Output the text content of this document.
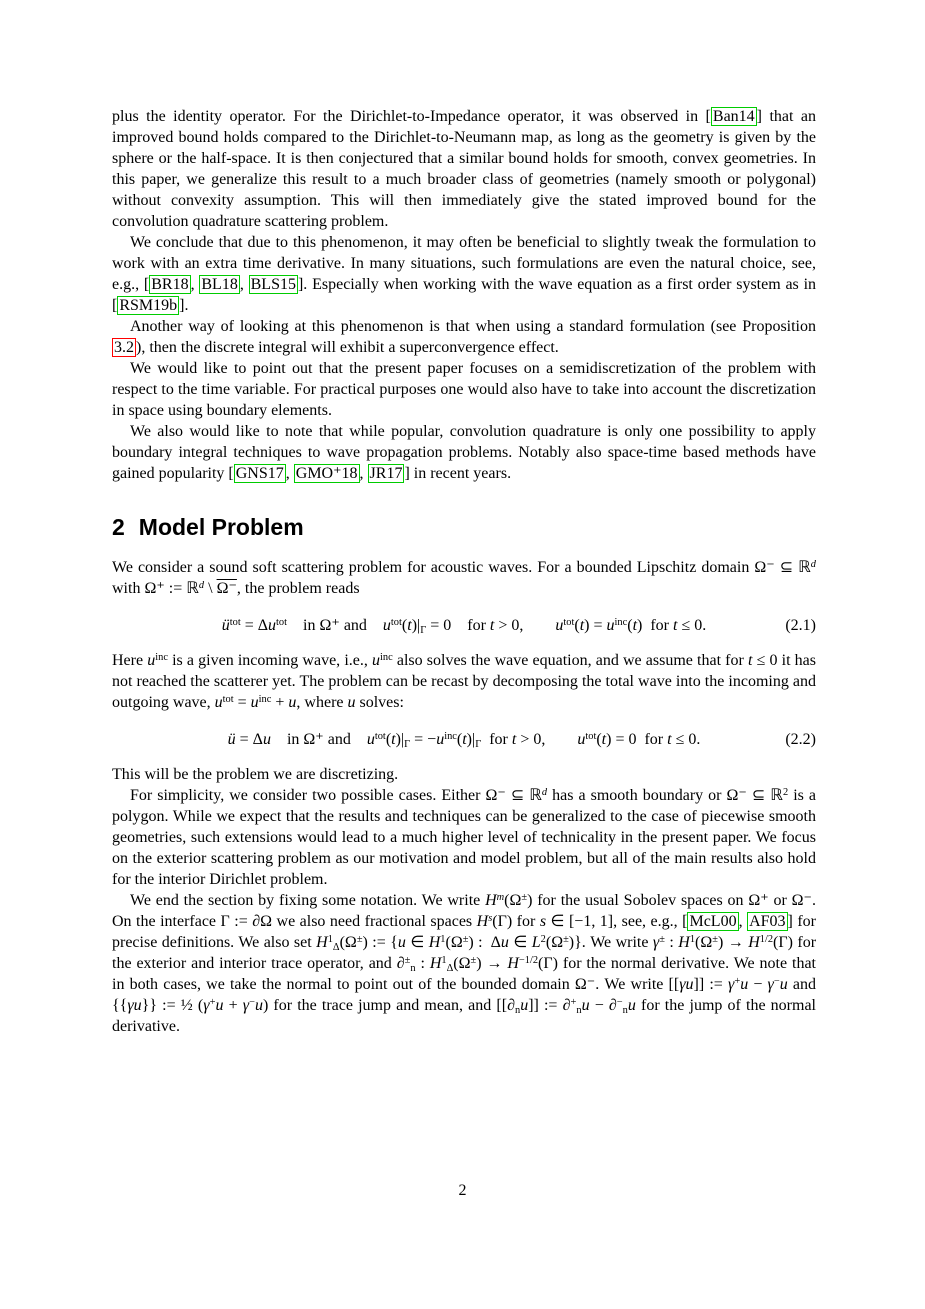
plus the identity operator. For the Dirichlet-to-Impedance operator, it was observed in [ Ban14 ] that an improved bound holds compared to the Dirichlet-to-Neumann map, as long as the geometry is given by the sphere or the half-space. It is then conjectured that a similar bound holds for smooth, convex geometries. In this paper, we generalize this result to a much broader class of geometries (namely smooth or polygonal) without convexity assumption. This will then immediately give the stated improved bound for the convolution quadrature scattering problem.

We conclude that due to this phenomenon, it may often be beneficial to slightly tweak the formulation to work with an extra time derivative. In many situations, such formulations are even the natural choice, see, e.g., [ BR18 , BL18 , BLS15 ]. Especially when working with the wave equation as a first order system as in [ RSM19b ].

Another way of looking at this phenomenon is that when using a standard formulation (see Proposition 3.2 ), then the discrete integral will exhibit a superconvergence effect.

We would like to point out that the present paper focuses on a semidiscretization of the problem with respect to the time variable. For practical purposes one would also have to take into account the discretization in space using boundary elements.

We also would like to note that while popular, convolution quadrature is only one possibility to apply boundary integral techniques to wave propagation problems. Notably also space-time based methods have gained popularity [ GNS17 , GMO⁺18 , JR17 ] in recent years.

2 Model Problem

We consider a sound soft scattering problem for acoustic waves. For a bounded Lipschitz domain Ω⁻ ⊆ ℝ$^d$ with Ω⁺ := ℝ$^d$ \ Ω⁻, the problem reads

$ü^{tot} = \Delta u^{tot}$ in Ω⁺ and $u^{tot}(t)|\Gamma = 0$  for t > 0,  $u^{tot}(t) = u^{inc}(t)$ for t ≤ 0.	(2.1)

Here $u^{inc}$ is a given incoming wave, i.e., $u^{inc}$ also solves the wave equation, and we assume that for t ≤ 0 it has not reached the scatterer yet. The problem can be recast by decomposing the total wave into the incoming and outgoing wave, $u^{tot} = u^{inc} + u$, where u solves:

ü = Δu in Ω⁺ and $u^{tot}(t)|\Gamma = -u^{inc}(t)|\Gamma$ for t > 0,  $u^{tot}(t) = 0$ for t ≤ 0.	(2.2)

This will be the problem we are discretizing.

For simplicity, we consider two possible cases. Either Ω⁻ ⊆ ℝ$^d$ has a smooth boundary or Ω⁻ ⊆ ℝ$^2$ is a polygon. While we expect that the results and techniques can be generalized to the case of piecewise smooth geometries, such extensions would lead to a much higher level of technicality in the present paper. We focus on the exterior scattering problem as our motivation and model problem, but all of the main results also hold for the interior Dirichlet problem.

We end the section by fixing some notation. We write $H^m(\Omega^\pm)$ for the usual Sobolev spaces on Ω⁺ or Ω⁻. On the interface Γ := ∂Ω we also need fractional spaces $H^s(\Gamma)$ for s ∈ [−1, 1], see, e.g., [ McL00 , AF03 ] for precise definitions. We also set $H^1\Delta(\Omega^\pm)$ := {u ∈ $H^1(\Omega^\pm)$ : Δu ∈ $L^2(\Omega^\pm)$}. We write γ± : $H^1(\Omega^\pm) \to H^{1/2}(\Gamma)$ for the exterior and interior trace operator, and ∂±n : $H^1\Delta(\Omega^\pm) \to H^{-1/2}(\Gamma)$ for the normal derivative. We note that in both cases, we take the normal to point out of the bounded domain Ω⁻. We write [[γu]] := γ+u − γ−u and {{γu}} := ½ (γ+u + γ−u) for the trace jump and mean, and [[∂nu]] := ∂+nu − ∂−nu for the jump of the normal derivative.

2
